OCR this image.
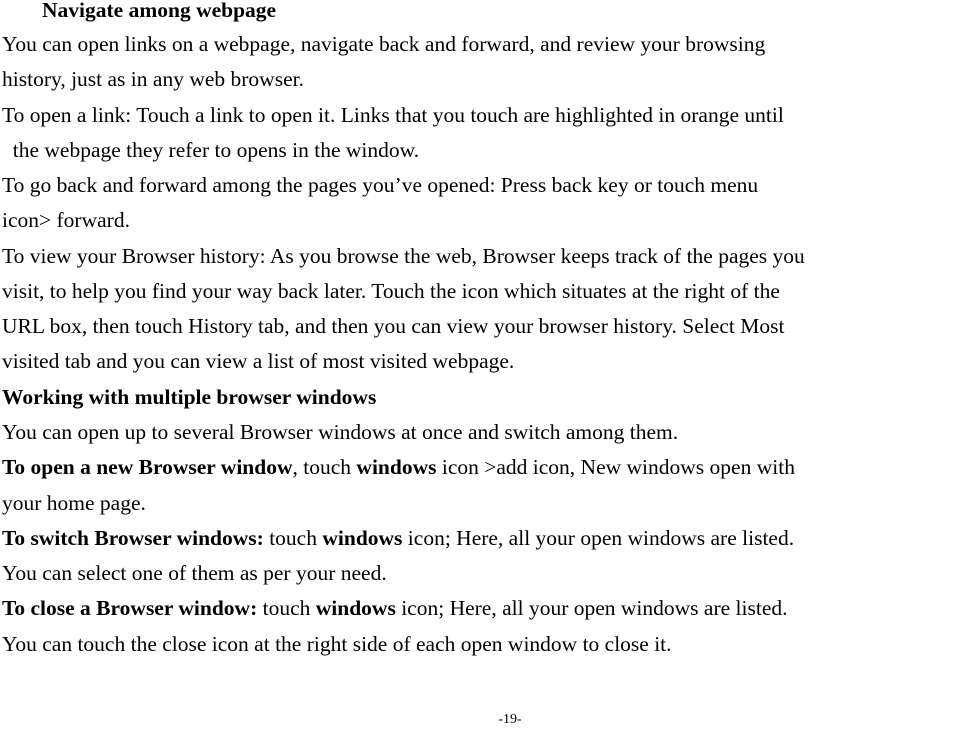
Navigate among webpage
You can open links on a webpage, navigate back and forward, and review your browsing
history, just as in any web browser.
To open a link: Touch a link to open it. Links that you touch are highlighted in orange until
the webpage they refer to opens in the window.
To go back and forward among the pages you’ve opened: Press back key or touch menu
icon> forward.
To view your Browser history: As you browse the web, Browser keeps track of the pages you
visit, to help you find your way back later. Touch the icon which situates at the right of the
URL box, then touch History tab, and then you can view your browser history. Select Most
visited tab and you can view a list of most visited webpage.
Working with multiple browser windows
You can open up to several Browser windows at once and switch among them.
To open a new Browser window, touch windows icon >add icon, New windows open with
your home page.
To switch Browser windows: touch windows icon; Here, all your open windows are listed.
You can select one of them as per your need.
To close a Browser window: touch windows icon; Here, all your open windows are listed.
You can touch the close icon at the right side of each open window to close it.
-19-
